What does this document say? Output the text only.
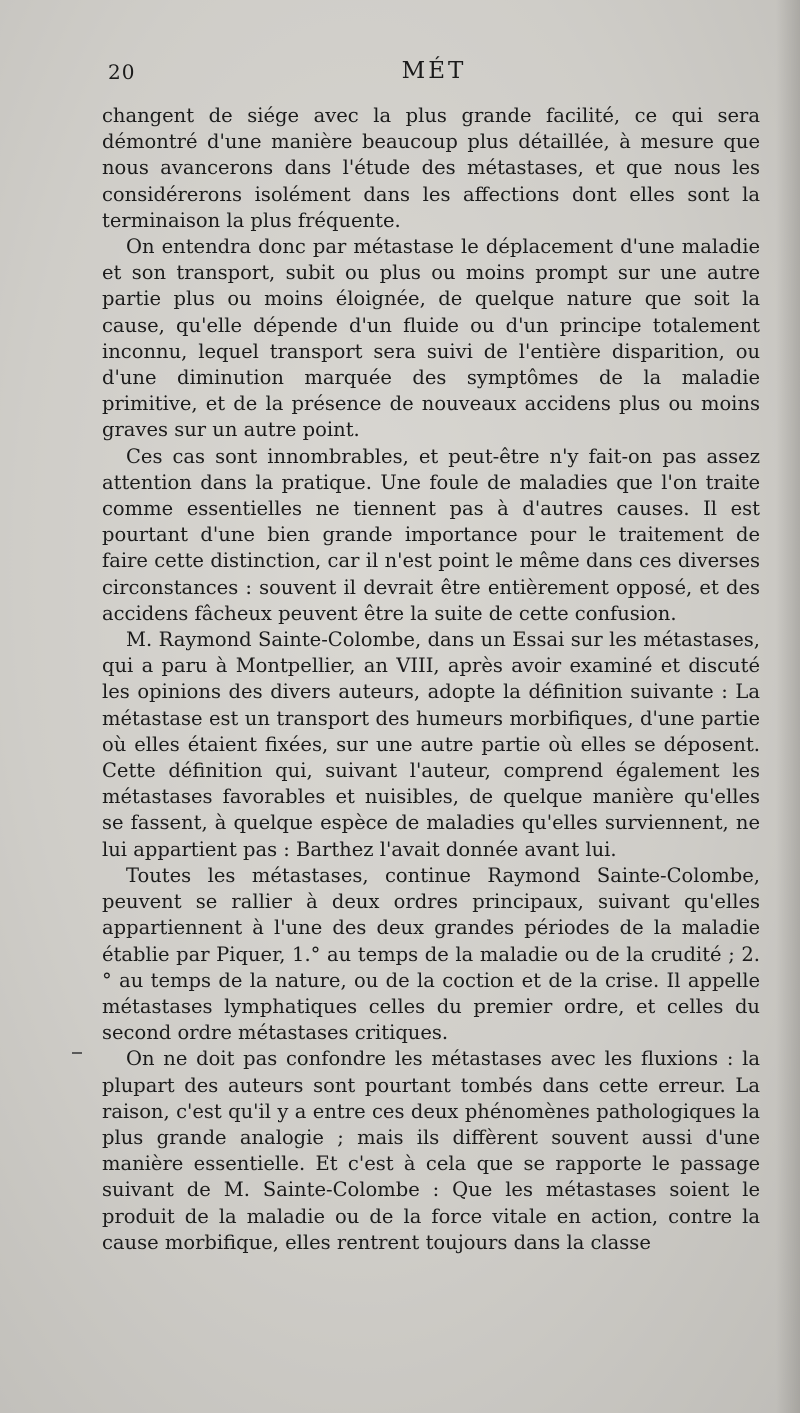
20	MÉT

changent de siége avec la plus grande facilité, ce qui sera démontré d'une manière beaucoup plus détaillée, à mesure que nous avancerons dans l'étude des métastases, et que nous les considérerons isolément dans les affections dont elles sont la terminaison la plus fréquente.

On entendra donc par métastase le déplacement d'une maladie et son transport, subit ou plus ou moins prompt sur une autre partie plus ou moins éloignée, de quelque nature que soit la cause, qu'elle dépende d'un fluide ou d'un principe totalement inconnu, lequel transport sera suivi de l'entière disparition, ou d'une diminution marquée des symptômes de la maladie primitive, et de la présence de nouveaux accidens plus ou moins graves sur un autre point.

Ces cas sont innombrables, et peut-être n'y fait-on pas assez attention dans la pratique. Une foule de maladies que l'on traite comme essentielles ne tiennent pas à d'autres causes. Il est pourtant d'une bien grande importance pour le traitement de faire cette distinction, car il n'est point le même dans ces diverses circonstances : souvent il devrait être entièrement opposé, et des accidens fâcheux peuvent être la suite de cette confusion.

M. Raymond Sainte-Colombe, dans un Essai sur les métastases, qui a paru à Montpellier, an VIII, après avoir examiné et discuté les opinions des divers auteurs, adopte la définition suivante : La métastase est un transport des humeurs morbifiques, d'une partie où elles étaient fixées, sur une autre partie où elles se déposent. Cette définition qui, suivant l'auteur, comprend également les métastases favorables et nuisibles, de quelque manière qu'elles se fassent, à quelque espèce de maladies qu'elles surviennent, ne lui appartient pas : Barthez l'avait donnée avant lui.

Toutes les métastases, continue Raymond Sainte-Colombe, peuvent se rallier à deux ordres principaux, suivant qu'elles appartiennent à l'une des deux grandes périodes de la maladie établie par Piquer, 1.° au temps de la maladie ou de la crudité ; 2.° au temps de la nature, ou de la coction et de la crise. Il appelle métastases lymphatiques celles du premier ordre, et celles du second ordre métastases critiques.

On ne doit pas confondre les métastases avec les fluxions : la plupart des auteurs sont pourtant tombés dans cette erreur. La raison, c'est qu'il y a entre ces deux phénomènes pathologiques la plus grande analogie ; mais ils diffèrent souvent aussi d'une manière essentielle. Et c'est à cela que se rapporte le passage suivant de M. Sainte-Colombe : Que les métastases soient le produit de la maladie ou de la force vitale en action, contre la cause morbifique, elles rentrent toujours dans la classe
